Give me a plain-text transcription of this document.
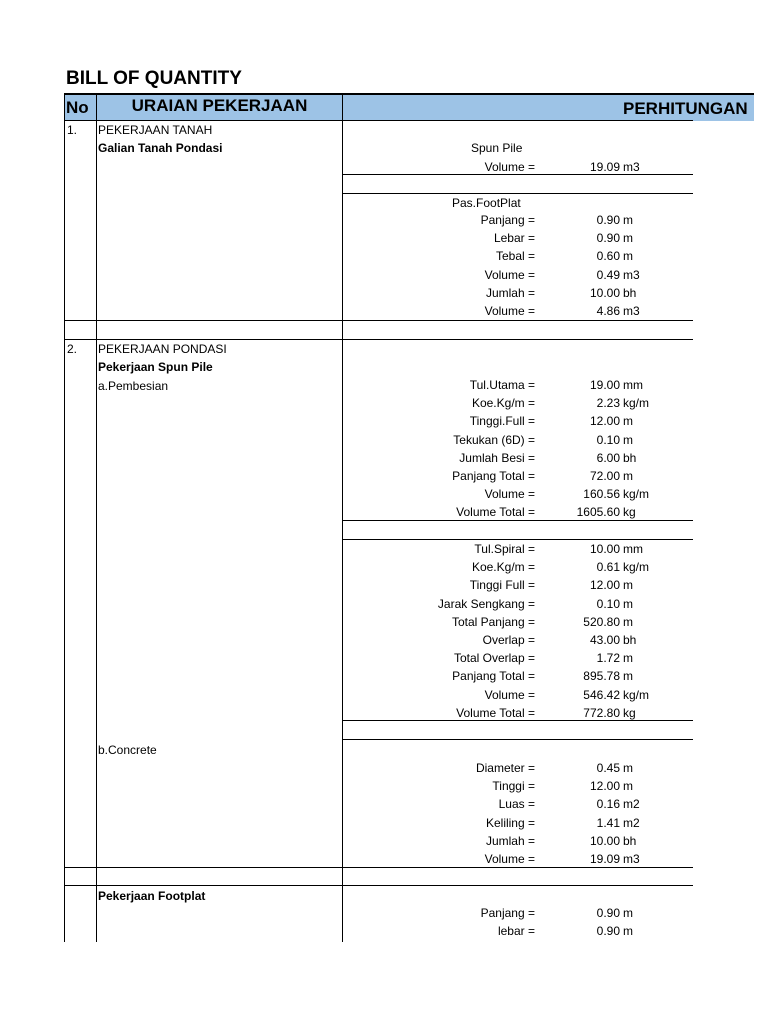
BILL OF QUANTITY
No	URAIAN PEKERJAAN	PERHITUNGAN
1. PEKERJAAN TANAH
Galian Tanah Pondasi	Spun Pile
Volume =	19.09 m3
Pas.FootPlat
Panjang =	0.90 m
Lebar =	0.90 m
Tebal =	0.60 m
Volume =	0.49 m3
Jumlah =	10.00 bh
Volume =	4.86 m3
2. PEKERJAAN PONDASI
Pekerjaan Spun Pile
a.Pembesian	Tul.Utama =	19.00 mm
Koe.Kg/m =	2.23 kg/m
Tinggi.Full =	12.00 m
Tekukan (6D) =	0.10 m
Jumlah Besi =	6.00 bh
Panjang Total =	72.00 m
Volume =	160.56 kg/m
Volume Total =	1605.60 kg
Tul.Spiral =	10.00 mm
Koe.Kg/m =	0.61 kg/m
Tinggi Full =	12.00 m
Jarak Sengkang =	0.10 m
Total Panjang =	520.80 m
Overlap =	43.00 bh
Total Overlap =	1.72 m
Panjang Total =	895.78 m
Volume =	546.42 kg/m
Volume Total =	772.80 kg
b.Concrete
Diameter =	0.45 m
Tinggi =	12.00 m
Luas =	0.16 m2
Keliling =	1.41 m2
Jumlah =	10.00 bh
Volume =	19.09 m3
Pekerjaan Footplat
Panjang =	0.90 m
lebar =	0.90 m
